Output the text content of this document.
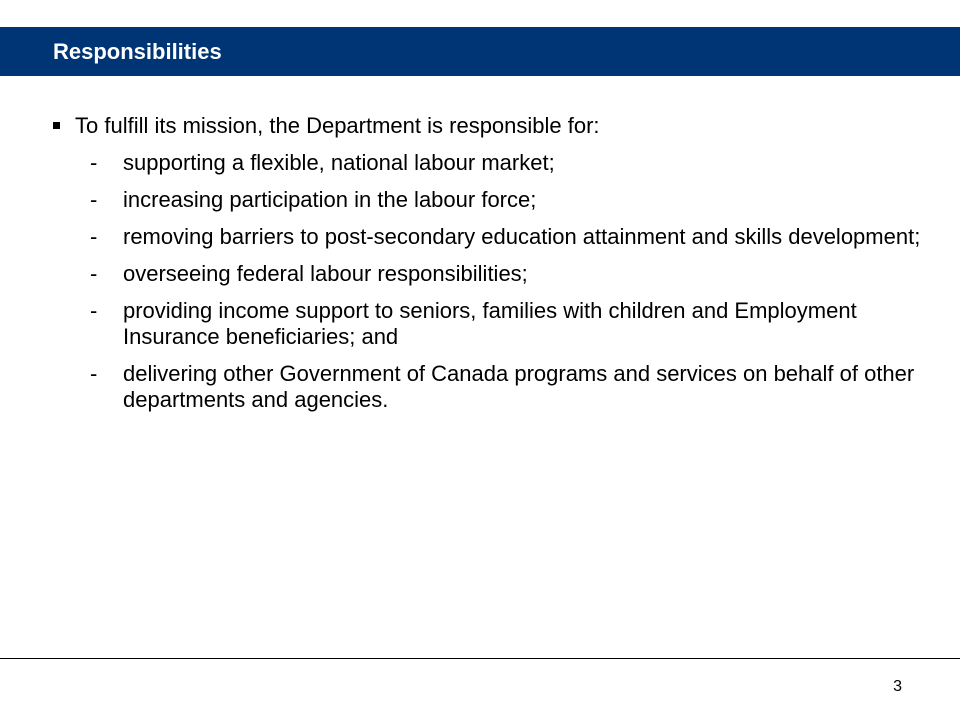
Responsibilities
To fulfill its mission, the Department is responsible for:
- supporting a flexible, national labour market;
- increasing participation in the labour force;
- removing barriers to post-secondary education attainment and skills development;
- overseeing federal labour responsibilities;
- providing income support to seniors, families with children and Employment Insurance beneficiaries; and
- delivering other Government of Canada programs and services on behalf of other departments and agencies.
3
